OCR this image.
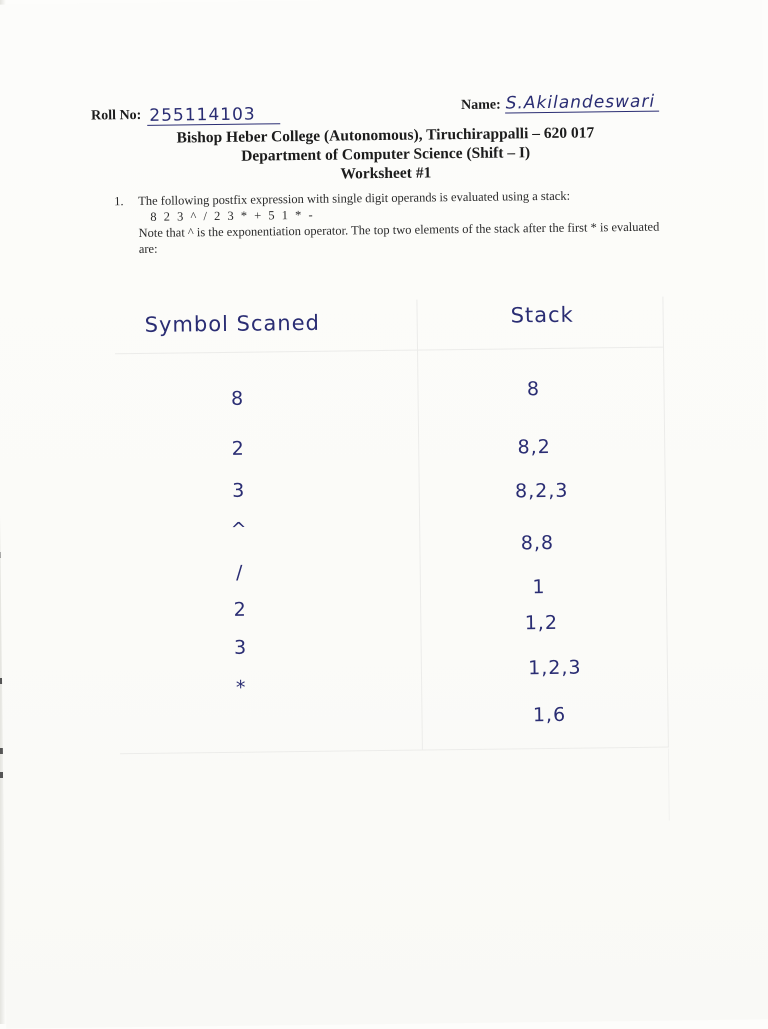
Roll No: 255114103	Name: S.Akilandeswari
Bishop Heber College (Autonomous), Tiruchirappalli – 620 017
Department of Computer Science (Shift – I)
Worksheet #1
1. The following postfix expression with single digit operands is evaluated using a stack:
8 2 3 ^ / 2 3 * + 5 1 * -
Note that ^ is the exponentiation operator. The top two elements of the stack after the first * is evaluated are:
Symbol Scaned	Stack
8
2
3
^
/
2
3
*
8
8,2
8,2,3
8,8
1
1,2
1,2,3
1,6
